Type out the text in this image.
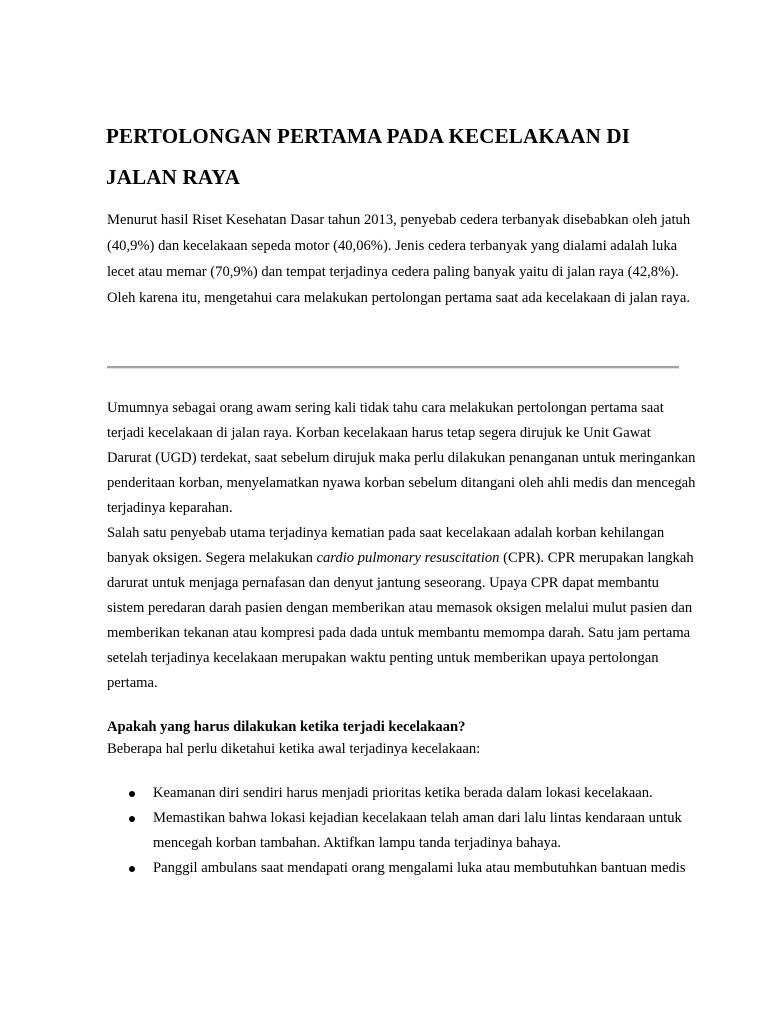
PERTOLONGAN PERTAMA PADA KECELAKAAN DI JALAN RAYA

Menurut hasil Riset Kesehatan Dasar tahun 2013, penyebab cedera terbanyak disebabkan oleh jatuh (40,9%) dan kecelakaan sepeda motor (40,06%). Jenis cedera terbanyak yang dialami adalah luka lecet atau memar (70,9%) dan tempat terjadinya cedera paling banyak yaitu di jalan raya (42,8%). Oleh karena itu, mengetahui cara melakukan pertolongan pertama saat ada kecelakaan di jalan raya.

Umumnya sebagai orang awam sering kali tidak tahu cara melakukan pertolongan pertama saat terjadi kecelakaan di jalan raya. Korban kecelakaan harus tetap segera dirujuk ke Unit Gawat Darurat (UGD) terdekat, saat sebelum dirujuk maka perlu dilakukan penanganan untuk meringankan penderitaan korban, menyelamatkan nyawa korban sebelum ditangani oleh ahli medis dan mencegah terjadinya keparahan.

Salah satu penyebab utama terjadinya kematian pada saat kecelakaan adalah korban kehilangan banyak oksigen. Segera melakukan cardio pulmonary resuscitation (CPR). CPR merupakan langkah darurat untuk menjaga pernafasan dan denyut jantung seseorang. Upaya CPR dapat membantu sistem peredaran darah pasien dengan memberikan atau memasok oksigen melalui mulut pasien dan memberikan tekanan atau kompresi pada dada untuk membantu memompa darah. Satu jam pertama setelah terjadinya kecelakaan merupakan waktu penting untuk memberikan upaya pertolongan pertama.

Apakah yang harus dilakukan ketika terjadi kecelakaan?

Beberapa hal perlu diketahui ketika awal terjadinya kecelakaan:

Keamanan diri sendiri harus menjadi prioritas ketika berada dalam lokasi kecelakaan.
Memastikan bahwa lokasi kejadian kecelakaan telah aman dari lalu lintas kendaraan untuk mencegah korban tambahan. Aktifkan lampu tanda terjadinya bahaya.
Panggil ambulans saat mendapati orang mengalami luka atau membutuhkan bantuan medis
